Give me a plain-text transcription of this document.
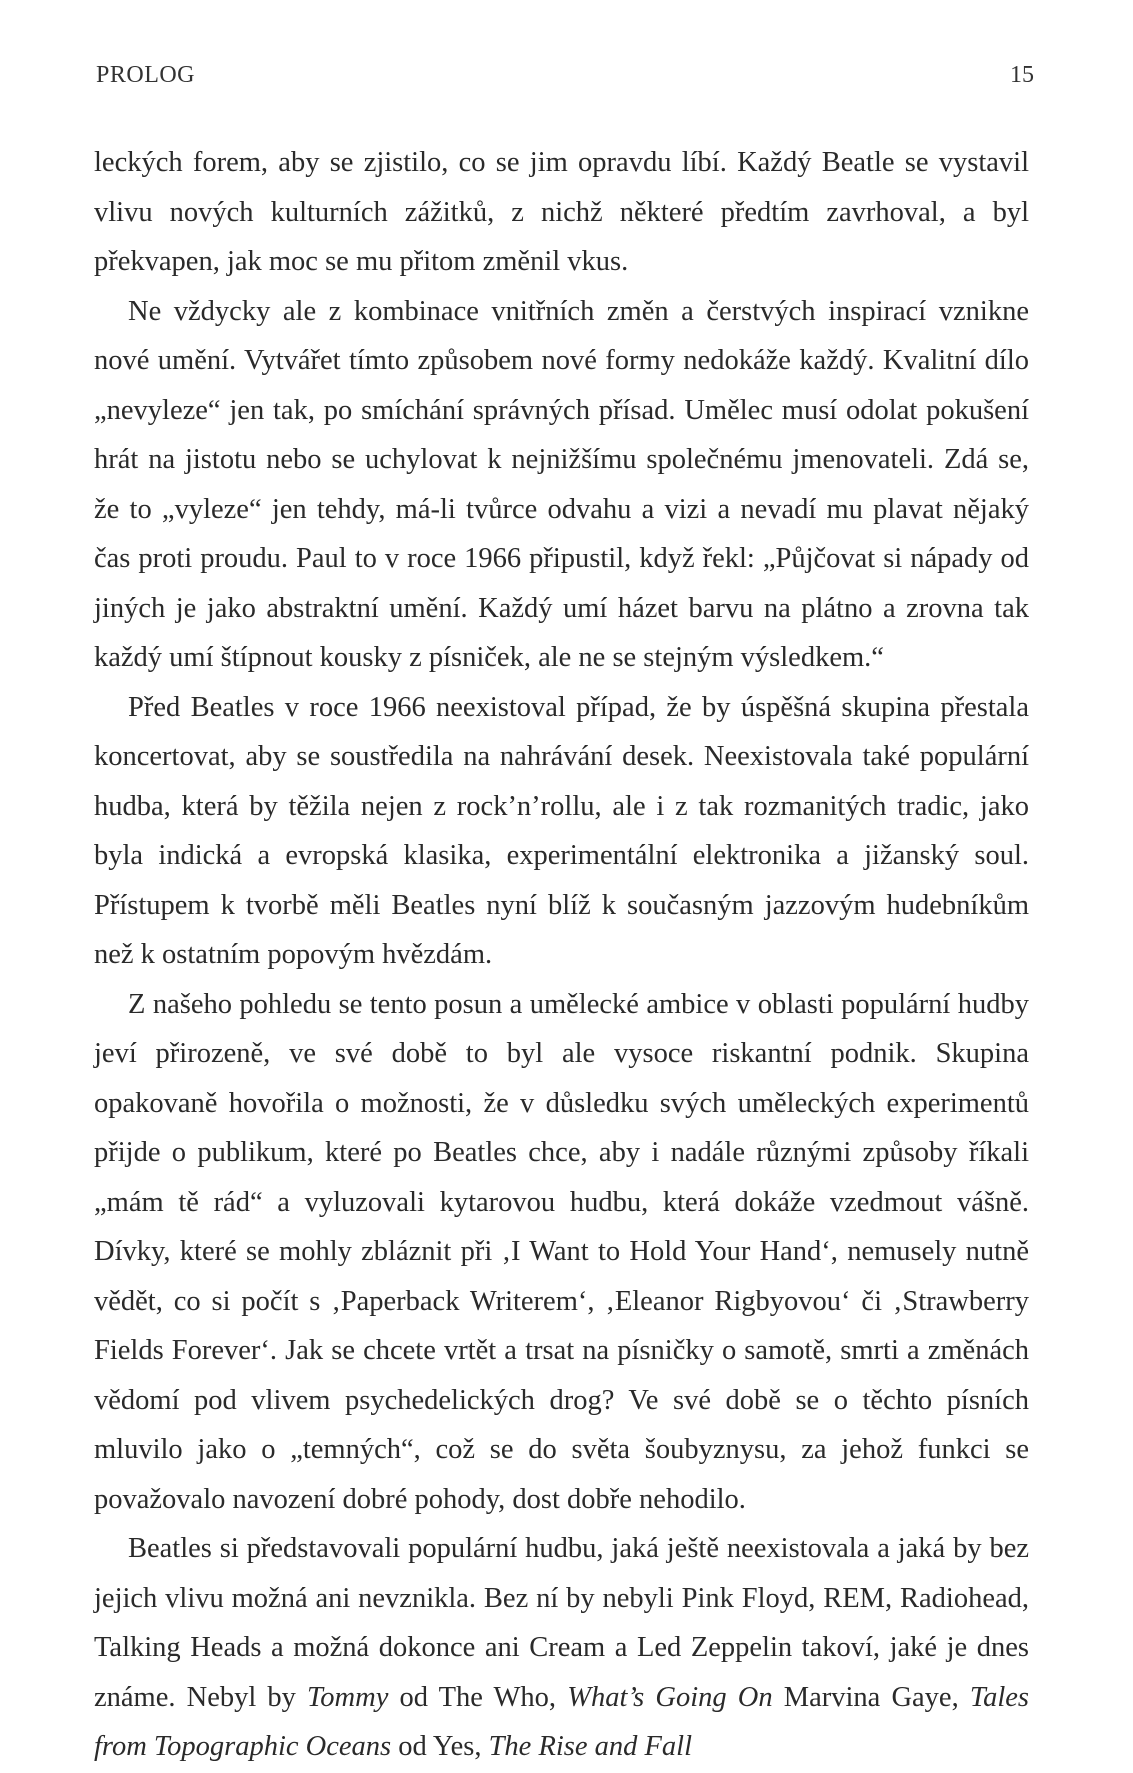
PROLOG	15

leckých forem, aby se zjistilo, co se jim opravdu líbí. Každý Beatle se vystavil vlivu nových kulturních zážitků, z nichž některé předtím zavrhoval, a byl překvapen, jak moc se mu přitom změnil vkus.

Ne vždycky ale z kombinace vnitřních změn a čerstvých inspirací vznikne nové umění. Vytvářet tímto způsobem nové formy nedokáže každý. Kvalitní dílo „nevyleze“ jen tak, po smíchání správných přísad. Umělec musí odolat pokušení hrát na jistotu nebo se uchylovat k nejnižšímu společnému jmenovateli. Zdá se, že to „vyleze“ jen tehdy, má-li tvůrce odvahu a vizi a nevadí mu plavat nějaký čas proti proudu. Paul to v roce 1966 připustil, když řekl: „Půjčovat si nápady od jiných je jako abstraktní umění. Každý umí házet barvu na plátno a zrovna tak každý umí štípnout kousky z písniček, ale ne se stejným výsledkem.“

Před Beatles v roce 1966 neexistoval případ, že by úspěšná skupina přestala koncertovat, aby se soustředila na nahrávání desek. Neexistovala také populární hudba, která by těžila nejen z rock’n’rollu, ale i z tak rozmanitých tradic, jako byla indická a evropská klasika, experimentální elektronika a jižanský soul. Přístupem k tvorbě měli Beatles nyní blíž k současným jazzovým hudebníkům než k ostatním popovým hvězdám.

Z našeho pohledu se tento posun a umělecké ambice v oblasti populární hudby jeví přirozeně, ve své době to byl ale vysoce riskantní podnik. Skupina opakovaně hovořila o možnosti, že v důsledku svých uměleckých experimentů přijde o publikum, které po Beatles chce, aby i nadále různými způsoby říkali „mám tě rád“ a vyluzovali kytarovou hudbu, která dokáže vzedmout vášně. Dívky, které se mohly zbláznit při ‚I Want to Hold Your Hand‘, nemusely nutně vědět, co si počít s ‚Paperback Writerem‘, ‚Eleanor Rigbyovou‘ či ‚Strawberry Fields Forever‘. Jak se chcete vrtět a trsat na písničky o samotě, smrti a změnách vědomí pod vlivem psychedelických drog? Ve své době se o těchto písních mluvilo jako o „temných“, což se do světa šoubyznysu, za jehož funkci se považovalo navození dobré pohody, dost dobře nehodilo.

Beatles si představovali populární hudbu, jaká ještě neexistovala a jaká by bez jejich vlivu možná ani nevznikla. Bez ní by nebyli Pink Floyd, REM, Radiohead, Talking Heads a možná dokonce ani Cream a Led Zeppelin takoví, jaké je dnes známe. Nebyl by Tommy od The Who, What’s Going On Marvina Gaye, Tales from Topographic Oceans od Yes, The Rise and Fall
